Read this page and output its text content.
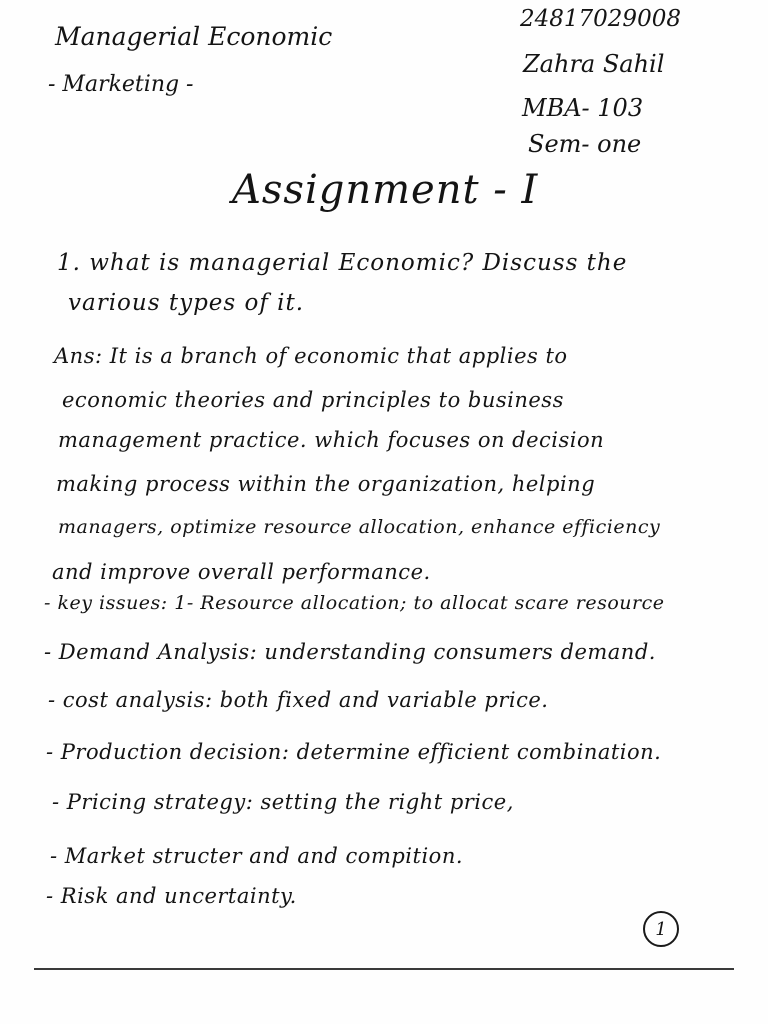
Managerial Economic
- Marketing -
24817029008
Zahra Sahil
MBA- 103
Sem- one
Assignment - I
1. what is managerial Economic? Discuss the
various types of it.
Ans: It is a branch of economic that applies to
economic theories and principles to business
management practice. which focuses on decision
making process within the organization, helping
managers, optimize resource allocation, enhance efficiency
and improve overall performance.
- key issues: 1- Resource allocation; to allocat scare resource
- Demand Analysis: understanding consumers demand.
- cost analysis: both fixed and variable price.
- Production decision: determine efficient combination.
- Pricing strategy: setting the right price,
- Market structer and and compition.
- Risk and uncertainty.
1
